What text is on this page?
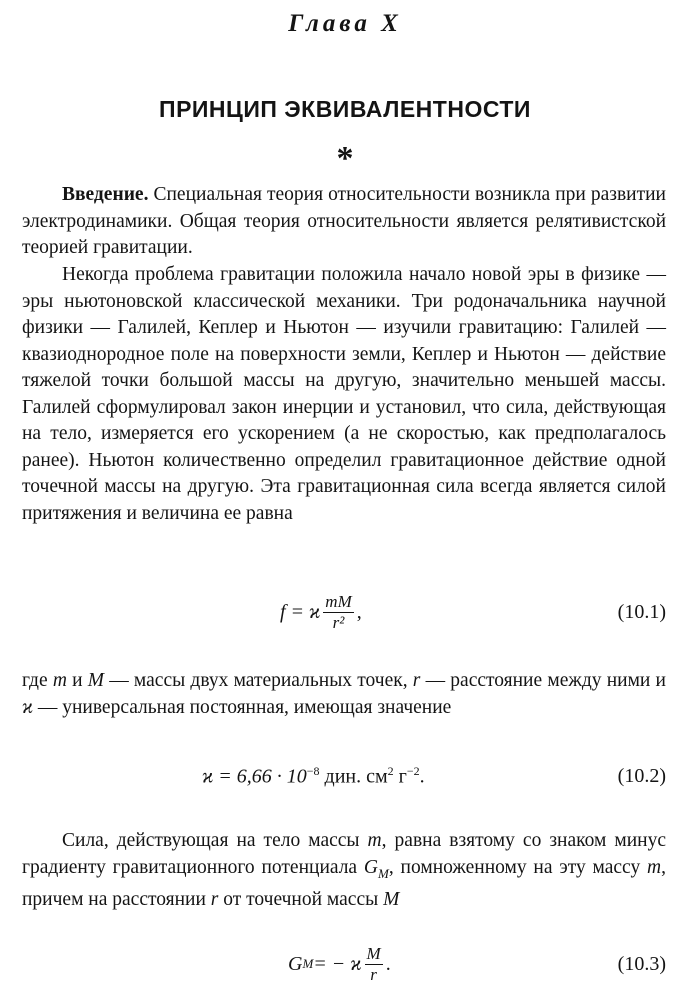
Глава X
ПРИНЦИП ЭКВИВАЛЕНТНОСТИ
*

Введение. Специальная теория относительности возникла при развитии электродинамики. Общая теория относительности является релятивистской теорией гравитации.

Некогда проблема гравитации положила начало новой эры в физике — эры ньютоновской классической механики. Три родоначальника научной физики — Галилей, Кеплер и Ньютон — изучили гравитацию: Галилей — квазиоднородное поле на поверхности земли, Кеплер и Ньютон — действие тяжелой точки большой массы на другую, значительно меньшей массы. Галилей сформулировал закон инерции и установил, что сила, действующая на тело, измеряется его ускорением (а не скоростью, как предполагалось ранее). Ньютон количественно определил гравитационное действие одной точечной массы на другую. Эта гравитационная сила всегда является силой притяжения и величина ее равна

f = ϰ $\frac{mM}{\text{r²}}$ ,	(10.1)

где m и M — массы двух материальных точек, r — расстояние между ними и ϰ — универсальная постоянная, имеющая значение

$ϰ = 6,66 \cdot 10^{-8}$ дин. $см^2$ $г^{-2}$.	(10.2)

Сила, действующая на тело массы m, равна взятому со знаком минус градиенту гравитационного потенциала $G_M$, помноженному на эту массу m, причем на расстоянии r от точечной массы M

G M = − ϰ $\frac{M}{r}$ .	(10.3)
